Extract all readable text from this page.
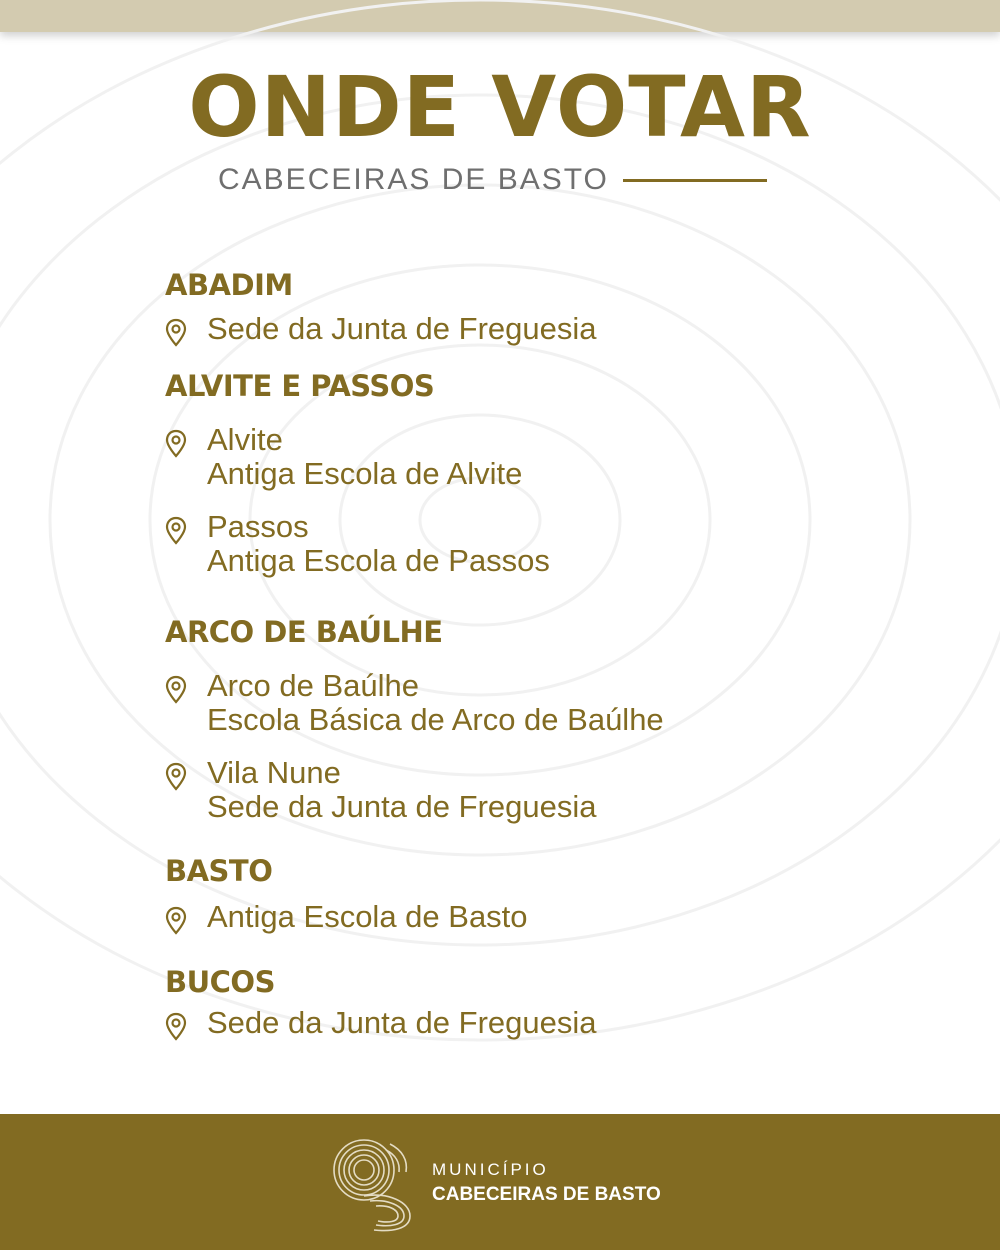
ONDE VOTAR
CABECEIRAS DE BASTO
ABADIM
Sede da Junta de Freguesia
ALVITE E PASSOS
Alvite
Antiga Escola de Alvite
Passos
Antiga Escola de Passos
ARCO DE BAÚLHE
Arco de Baúlhe
Escola Básica de Arco de Baúlhe
Vila Nune
Sede da Junta de Freguesia
BASTO
Antiga Escola de Basto
BUCOS
Sede da Junta de Freguesia
MUNICÍPIO
CABECEIRAS DE BASTO
